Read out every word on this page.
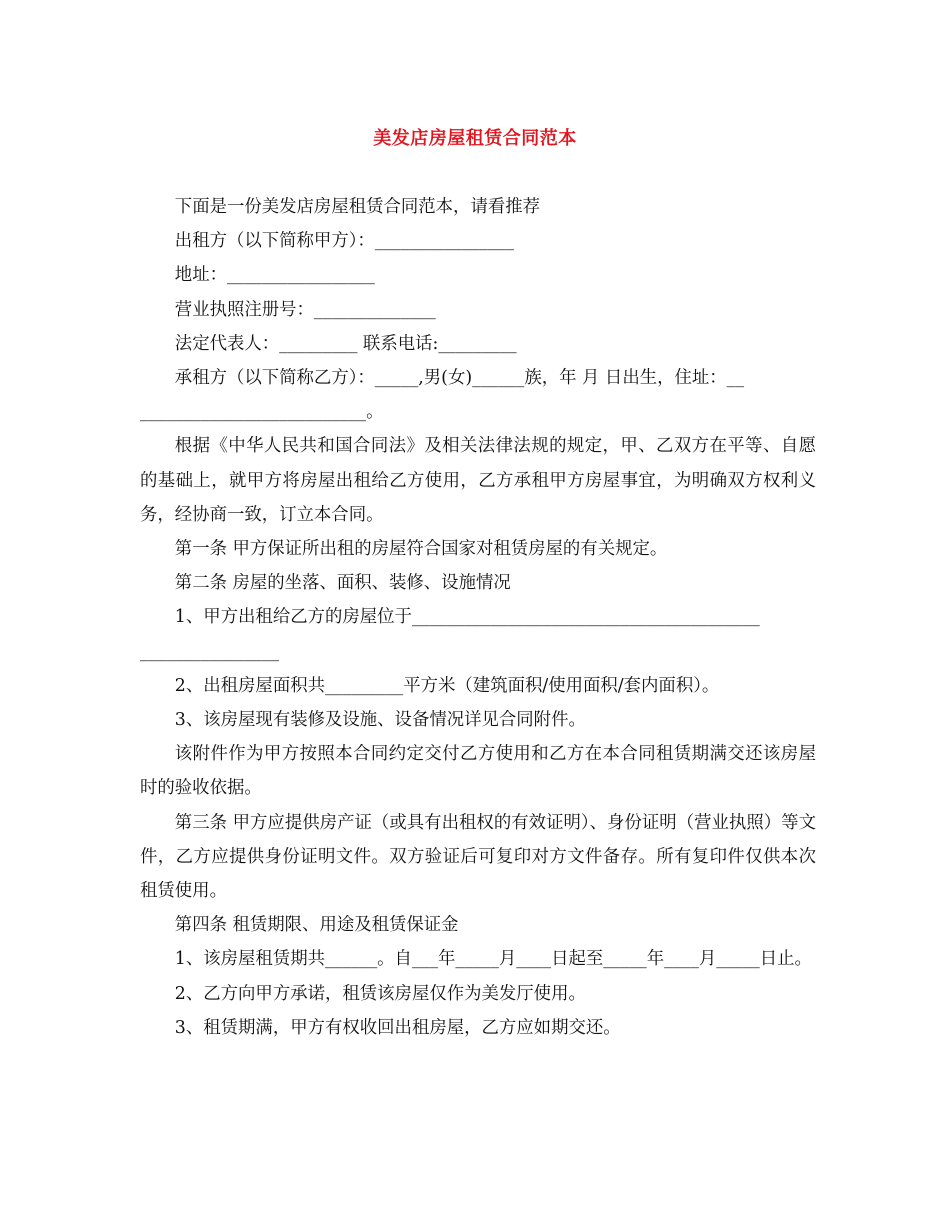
美发店房屋租赁合同范本

下面是一份美发店房屋租赁合同范本，请看推荐

出租方（以下简称甲方）：________________

地址：_________________

营业执照注册号：______________

法定代表人：_________ 联系电话:_________

承租方（以下简称乙方）：_____,男(女)______族，年 月 日出生，住址：__

__________________________。

根据《中华人民共和国合同法》及相关法律法规的规定，甲、乙双方在平等、自愿的基础上，就甲方将房屋出租给乙方使用，乙方承租甲方房屋事宜，为明确双方权利义务，经协商一致，订立本合同。

第一条 甲方保证所出租的房屋符合国家对租赁房屋的有关规定。

第二条 房屋的坐落、面积、装修、设施情况

1、甲方出租给乙方的房屋位于________________________________________

________________

2、出租房屋面积共_________平方米（建筑面积/使用面积/套内面积）。

3、该房屋现有装修及设施、设备情况详见合同附件。

该附件作为甲方按照本合同约定交付乙方使用和乙方在本合同租赁期满交还该房屋时的验收依据。

第三条 甲方应提供房产证（或具有出租权的有效证明）、身份证明（营业执照）等文件，乙方应提供身份证明文件。双方验证后可复印对方文件备存。所有复印件仅供本次租赁使用。

第四条 租赁期限、用途及租赁保证金

1、该房屋租赁期共______。自___年_____月____日起至_____年____月_____日止。

2、乙方向甲方承诺，租赁该房屋仅作为美发厅使用。

3、租赁期满，甲方有权收回出租房屋，乙方应如期交还。
